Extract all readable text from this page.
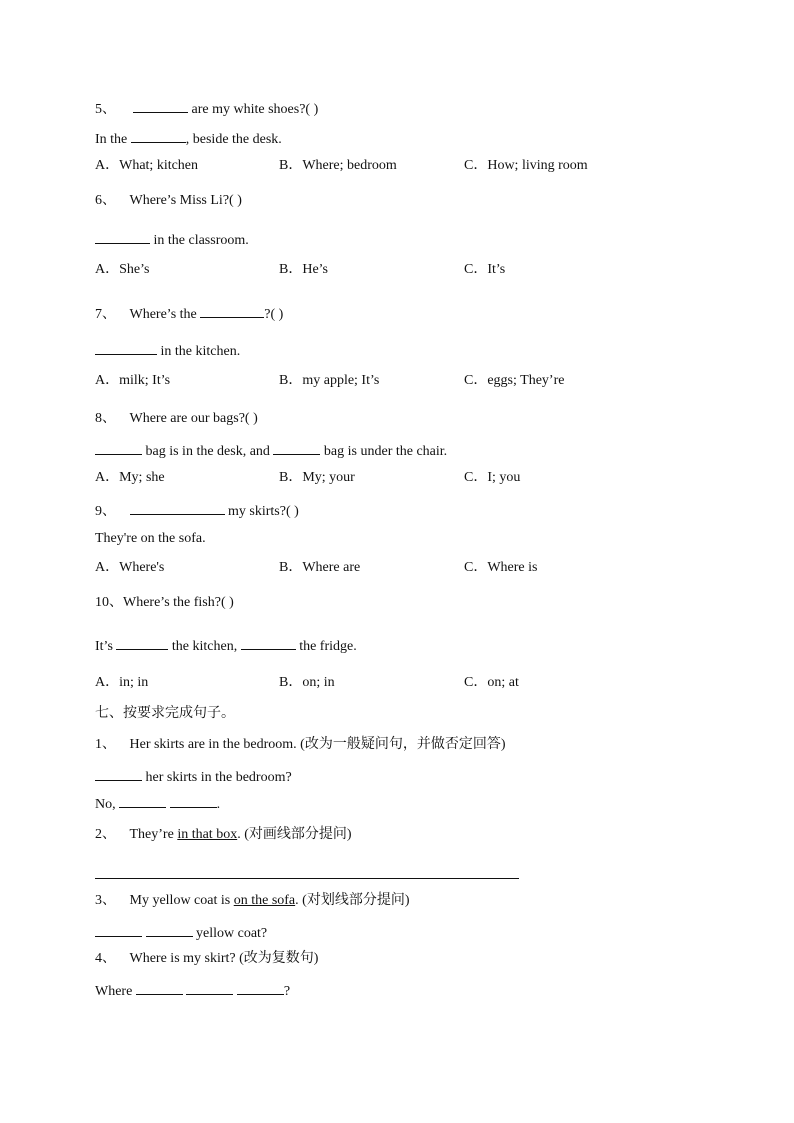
5、	are my white shoes?( )
In the	, beside the desk.
A．What; kitchen	B．Where; bedroom	C．How; living room
6、 Where’s Miss Li?( )
in the classroom.
A．She’s	B．He’s	C．It’s
7、 Where’s the	?( )
in the kitchen.
A．milk; It’s	B．my apple; It’s	C．eggs; They’re
8、 Where are our bags?( )
bag is in the desk, and	bag is under the chair.
A．My; she	B．My; your	C．I; you
9、	my skirts?( )
They're on the sofa.
A．Where's	B．Where are	C．Where is
10、Where’s the fish?( )
It’s	the kitchen,	the fridge.
A．in; in	B．on; in	C．on; at
七、按要求完成句子。
1、 Her skirts are in the bedroom. (改为一般疑问句，并做否定回答)
her skirts in the bedroom?
No,	.
2、 They’re in that box. (对画线部分提问)
3、 My yellow coat is on the sofa. (对划线部分提问)
yellow coat?
4、 Where is my skirt? (改为复数句)
Where	?
